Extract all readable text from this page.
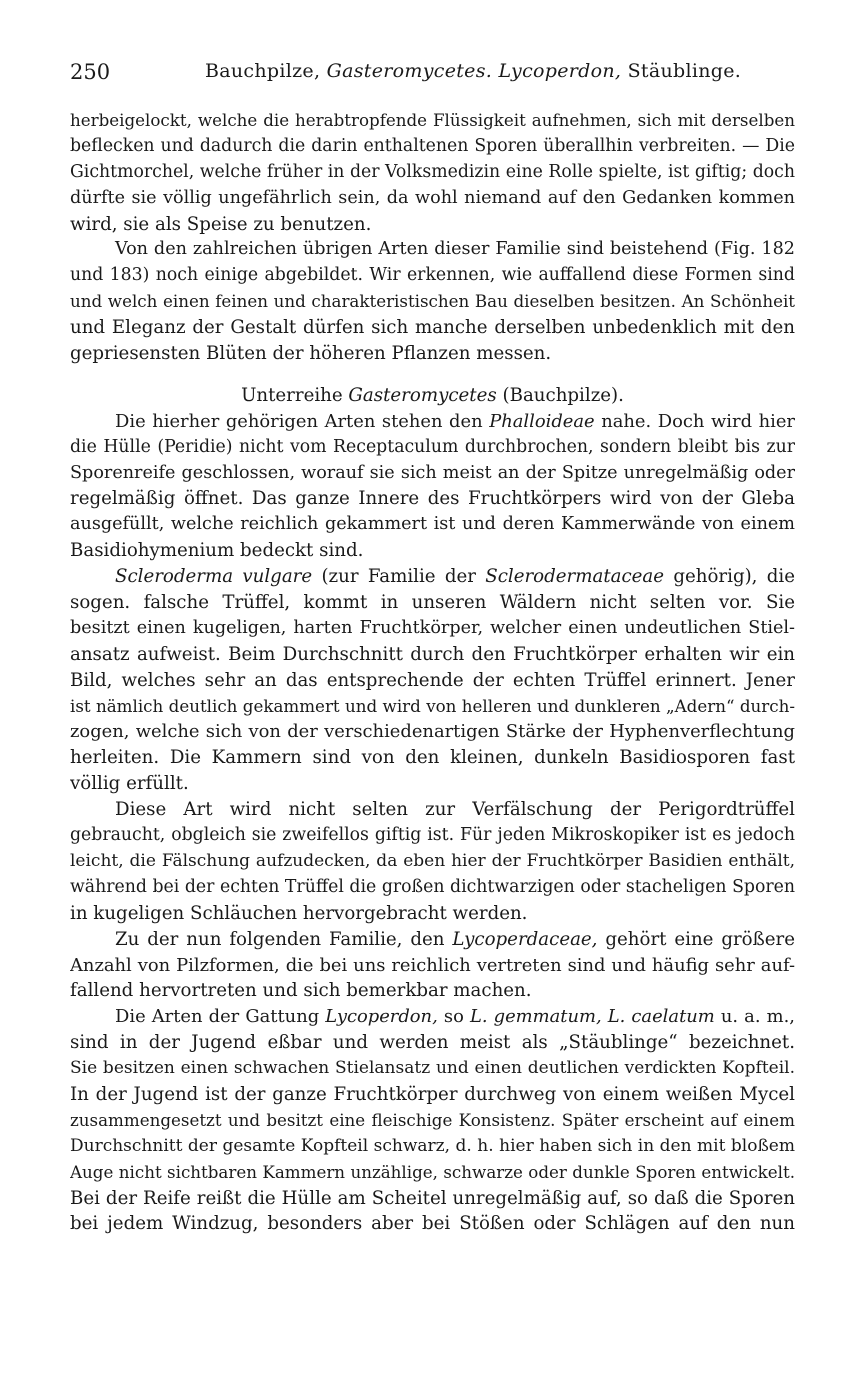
250	Bauchpilze, Gasteromycetes. Lycoperdon, Stäublinge.
herbeigelockt, welche die herabtropfende Flüssigkeit aufnehmen, sich mit derselben
beflecken und dadurch die darin enthaltenen Sporen überallhin verbreiten. — Die
Gichtmorchel, welche früher in der Volksmedizin eine Rolle spielte, ist giftig; doch
dürfte sie völlig ungefährlich sein, da wohl niemand auf den Gedanken kommen
wird, sie als Speise zu benutzen.
Von den zahlreichen übrigen Arten dieser Familie sind beistehend (Fig. 182
und 183) noch einige abgebildet. Wir erkennen, wie auffallend diese Formen sind
und welch einen feinen und charakteristischen Bau dieselben besitzen. An Schönheit
und Eleganz der Gestalt dürfen sich manche derselben unbedenklich mit den
gepriesensten Blüten der höheren Pflanzen messen.
Unterreihe Gasteromycetes (Bauchpilze).
Die hierher gehörigen Arten stehen den Phalloideae nahe. Doch wird hier
die Hülle (Peridie) nicht vom Receptaculum durchbrochen, sondern bleibt bis zur
Sporenreife geschlossen, worauf sie sich meist an der Spitze unregelmäßig oder
regelmäßig öffnet. Das ganze Innere des Fruchtkörpers wird von der Gleba
ausgefüllt, welche reichlich gekammert ist und deren Kammerwände von einem
Basidiohymenium bedeckt sind.
Scleroderma vulgare (zur Familie der Sclerodermataceae gehörig), die
sogen. falsche Trüffel, kommt in unseren Wäldern nicht selten vor. Sie
besitzt einen kugeligen, harten Fruchtkörper, welcher einen undeutlichen Stiel-
ansatz aufweist. Beim Durchschnitt durch den Fruchtkörper erhalten wir ein
Bild, welches sehr an das entsprechende der echten Trüffel erinnert. Jener
ist nämlich deutlich gekammert und wird von helleren und dunkleren „Adern“ durch-
zogen, welche sich von der verschiedenartigen Stärke der Hyphenverflechtung
herleiten. Die Kammern sind von den kleinen, dunkeln Basidiosporen fast
völlig erfüllt.
Diese Art wird nicht selten zur Verfälschung der Perigordtrüffel
gebraucht, obgleich sie zweifellos giftig ist. Für jeden Mikroskopiker ist es jedoch
leicht, die Fälschung aufzudecken, da eben hier der Fruchtkörper Basidien enthält,
während bei der echten Trüffel die großen dichtwarzigen oder stacheligen Sporen
in kugeligen Schläuchen hervorgebracht werden.
Zu der nun folgenden Familie, den Lycoperdaceae, gehört eine größere
Anzahl von Pilzformen, die bei uns reichlich vertreten sind und häufig sehr auf-
fallend hervortreten und sich bemerkbar machen.
Die Arten der Gattung Lycoperdon, so L. gemmatum, L. caelatum u. a. m.,
sind in der Jugend eßbar und werden meist als „Stäublinge“ bezeichnet.
Sie besitzen einen schwachen Stielansatz und einen deutlichen verdickten Kopfteil.
In der Jugend ist der ganze Fruchtkörper durchweg von einem weißen Mycel
zusammengesetzt und besitzt eine fleischige Konsistenz. Später erscheint auf einem
Durchschnitt der gesamte Kopfteil schwarz, d. h. hier haben sich in den mit bloßem
Auge nicht sichtbaren Kammern unzählige, schwarze oder dunkle Sporen entwickelt.
Bei der Reife reißt die Hülle am Scheitel unregelmäßig auf, so daß die Sporen
bei jedem Windzug, besonders aber bei Stößen oder Schlägen auf den nun
